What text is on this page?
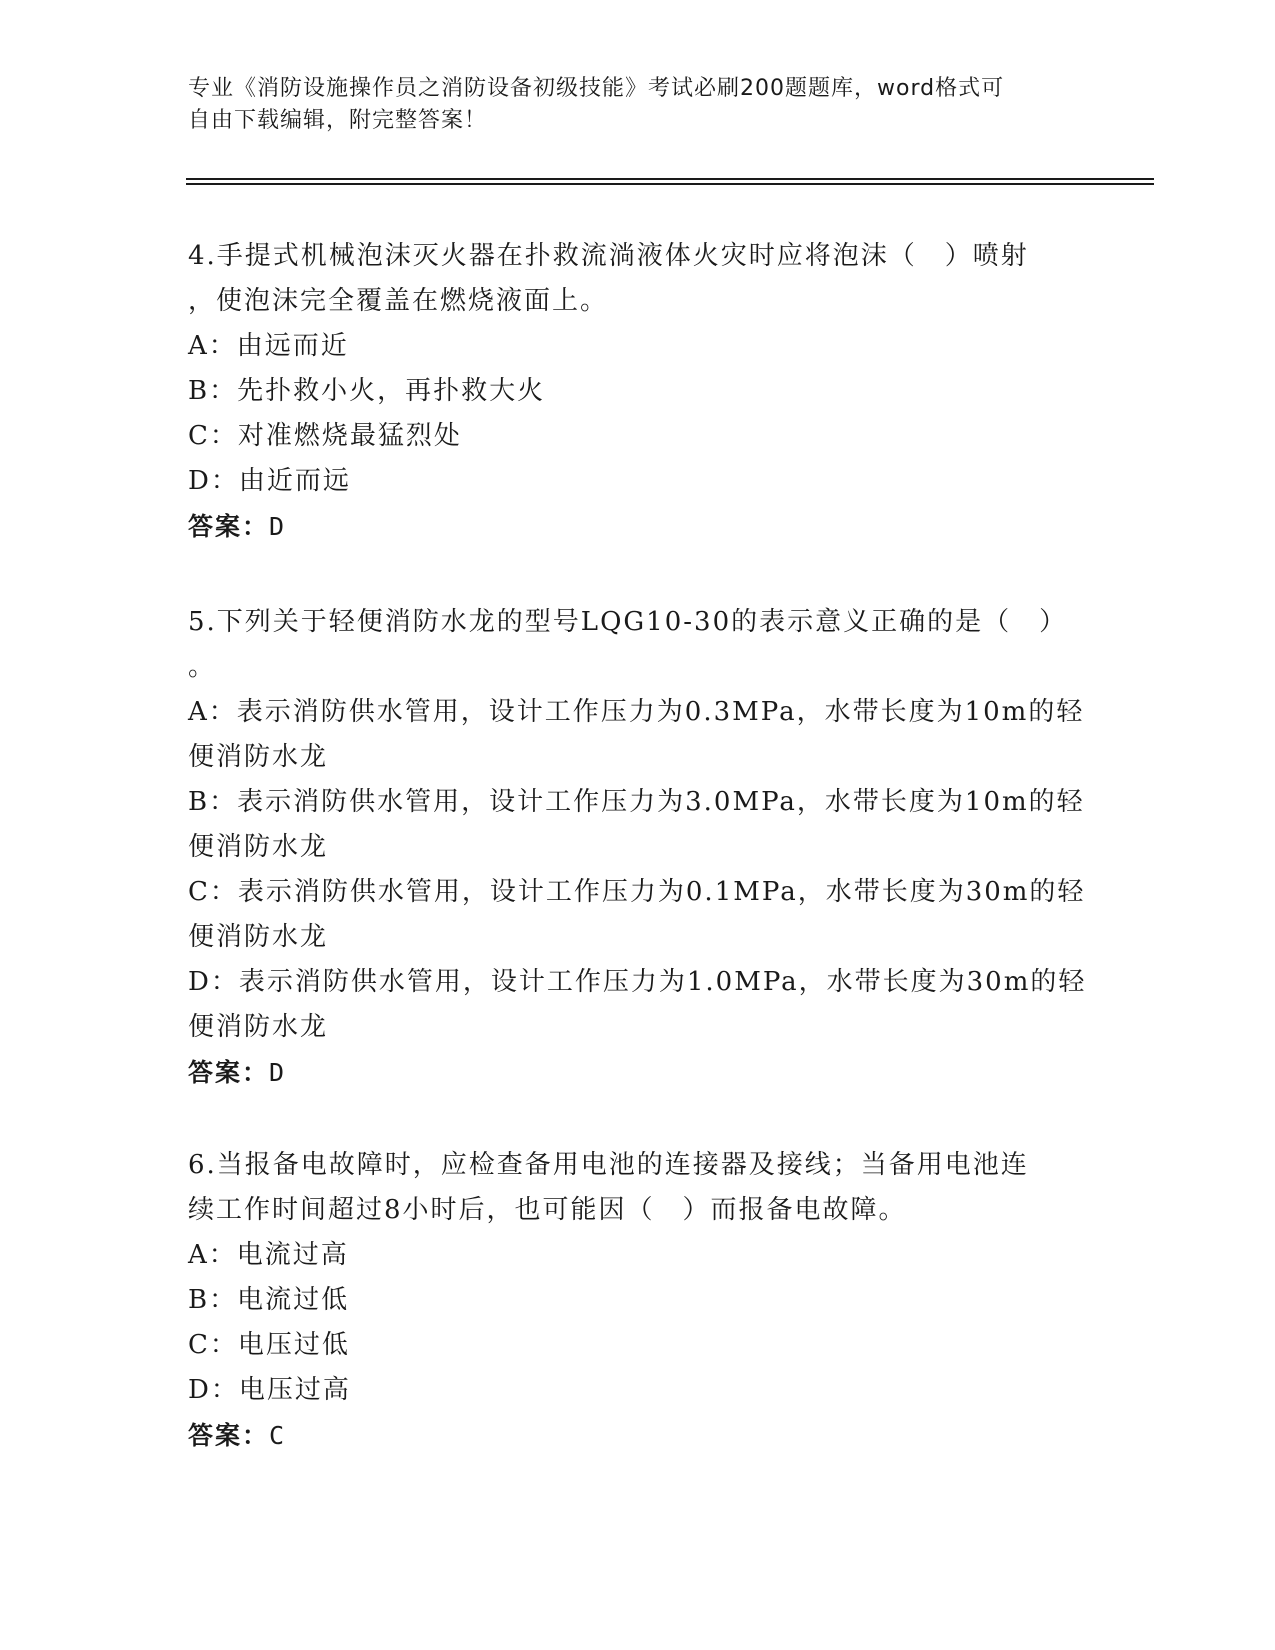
专业《消防设施操作员之消防设备初级技能》考试必刷200题题库，word格式可
自由下载编辑，附完整答案！

4.手提式机械泡沫灭火器在扑救流淌液体火灾时应将泡沫（　）喷射

，使泡沫完全覆盖在燃烧液面上。

A：由远而近

B：先扑救小火，再扑救大火

C：对准燃烧最猛烈处

D：由近而远

答案：D

5.下列关于轻便消防水龙的型号LQG10-30的表示意义正确的是（　）

。

A：表示消防供水管用，设计工作压力为0.3MPa，水带长度为10m的轻

便消防水龙

B：表示消防供水管用，设计工作压力为3.0MPa，水带长度为10m的轻

便消防水龙

C：表示消防供水管用，设计工作压力为0.1MPa，水带长度为30m的轻

便消防水龙

D：表示消防供水管用，设计工作压力为1.0MPa，水带长度为30m的轻

便消防水龙

答案：D

6.当报备电故障时，应检查备用电池的连接器及接线；当备用电池连

续工作时间超过8小时后，也可能因（　）而报备电故障。

A：电流过高

B：电流过低

C：电压过低

D：电压过高

答案：C
